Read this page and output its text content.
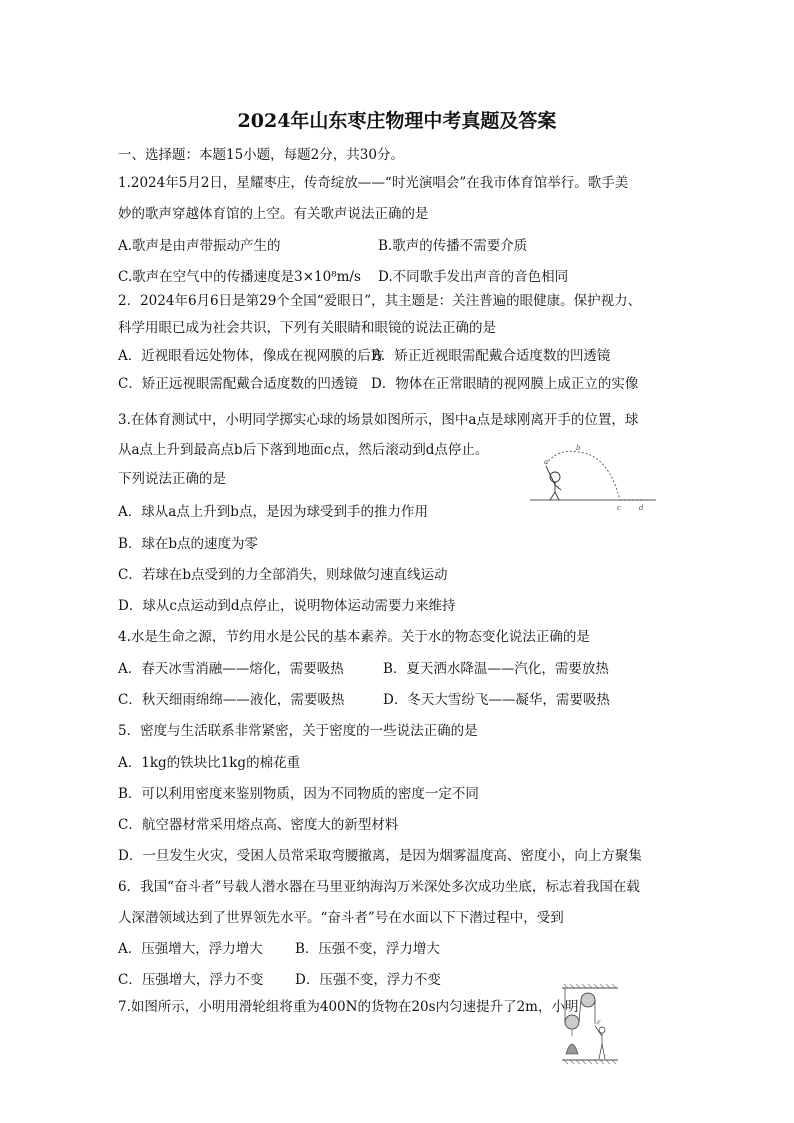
2024年山东枣庄物理中考真题及答案
一、选择题：本题15小题，每题2分，共30分。
1.2024年5月2日，星耀枣庄，传奇绽放——“时光演唱会”在我市体育馆举行。歌手美
妙的歌声穿越体育馆的上空。有关歌声说法正确的是
A.歌声是由声带振动产生的	B.歌声的传播不需要介质
C.歌声在空气中的传播速度是3×10⁸m/s D.不同歌手发出声音的音色相同
2．2024年6月6日是第29个全国“爱眼日”，其主题是：关注普遍的眼健康。保护视力、
科学用眼已成为社会共识，下列有关眼睛和眼镜的说法正确的是
A．近视眼看远处物体，像成在视网膜的后方
B．矫正近视眼需配戴合适度数的凹透镜
C．矫正远视眼需配戴合适度数的凹透镜 D．物体在正常眼睛的视网膜上成正立的实像
3.在体育测试中，小明同学掷实心球的场景如图所示，图中a点是球刚离开手的位置，球
从a点上升到最高点b后下落到地面c点，然后滚动到d点停止。
下列说法正确的是
A．球从a点上升到b点，是因为球受到手的推力作用
B．球在b点的速度为零
C．若球在b点受到的力全部消失，则球做匀速直线运动
D．球从c点运动到d点停止，说明物体运动需要力来维持
a
b
c	d
4.水是生命之源，节约用水是公民的基本素养。关于水的物态变化说法正确的是
A．春天冰雪消融——熔化，需要吸热	B．夏天洒水降温——汽化，需要放热
C．秋天细雨绵绵——液化，需要吸热	D．冬天大雪纷飞——凝华，需要吸热
5．密度与生活联系非常紧密，关于密度的一些说法正确的是
A．1kg的铁块比1kg的棉花重
B．可以利用密度来鉴别物质，因为不同物质的密度一定不同
C．航空器材常采用熔点高、密度大的新型材料
D．一旦发生火灾，受困人员常采取弯腰撤离，是因为烟雾温度高、密度小，向上方聚集
6．我国“奋斗者”号载人潜水器在马里亚纳海沟万米深处多次成功坐底，标志着我国在载
人深潜领域达到了世界领先水平。“奋斗者”号在水面以下下潜过程中，受到
A．压强增大，浮力增大 B．压强不变，浮力增大
C．压强增大，浮力不变 D．压强不变，浮力不变
7.如图所示，小明用滑轮组将重为400N的货物在20s内匀速提升了2m，小明
F
